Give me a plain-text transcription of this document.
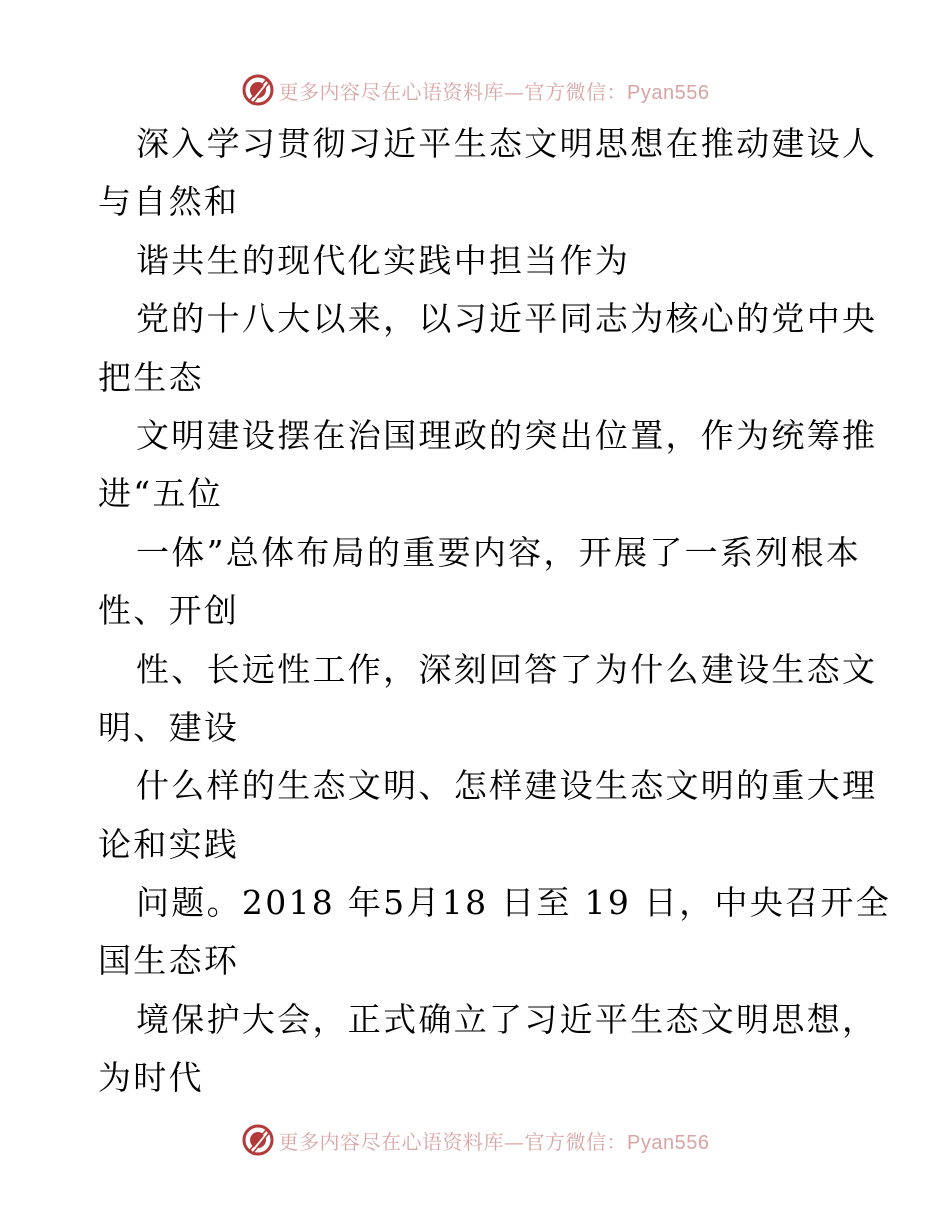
更多内容尽在心语资料库—官方微信：Pyan556
深入学习贯彻习近平生态文明思想在推动建设人
与自然和
谐共生的现代化实践中担当作为
党的十八大以来，以习近平同志为核心的党中央
把生态
文明建设摆在治国理政的突出位置，作为统筹推
进“五位
一体”总体布局的重要内容，开展了一系列根本
性、开创
性、长远性工作，深刻回答了为什么建设生态文
明、建设
什么样的生态文明、怎样建设生态文明的重大理
论和实践
问题。2018 年5月18 日至 19 日，中央召开全
国生态环
境保护大会，正式确立了习近平生态文明思想，
为时代
更多内容尽在心语资料库—官方微信：Pyan556
